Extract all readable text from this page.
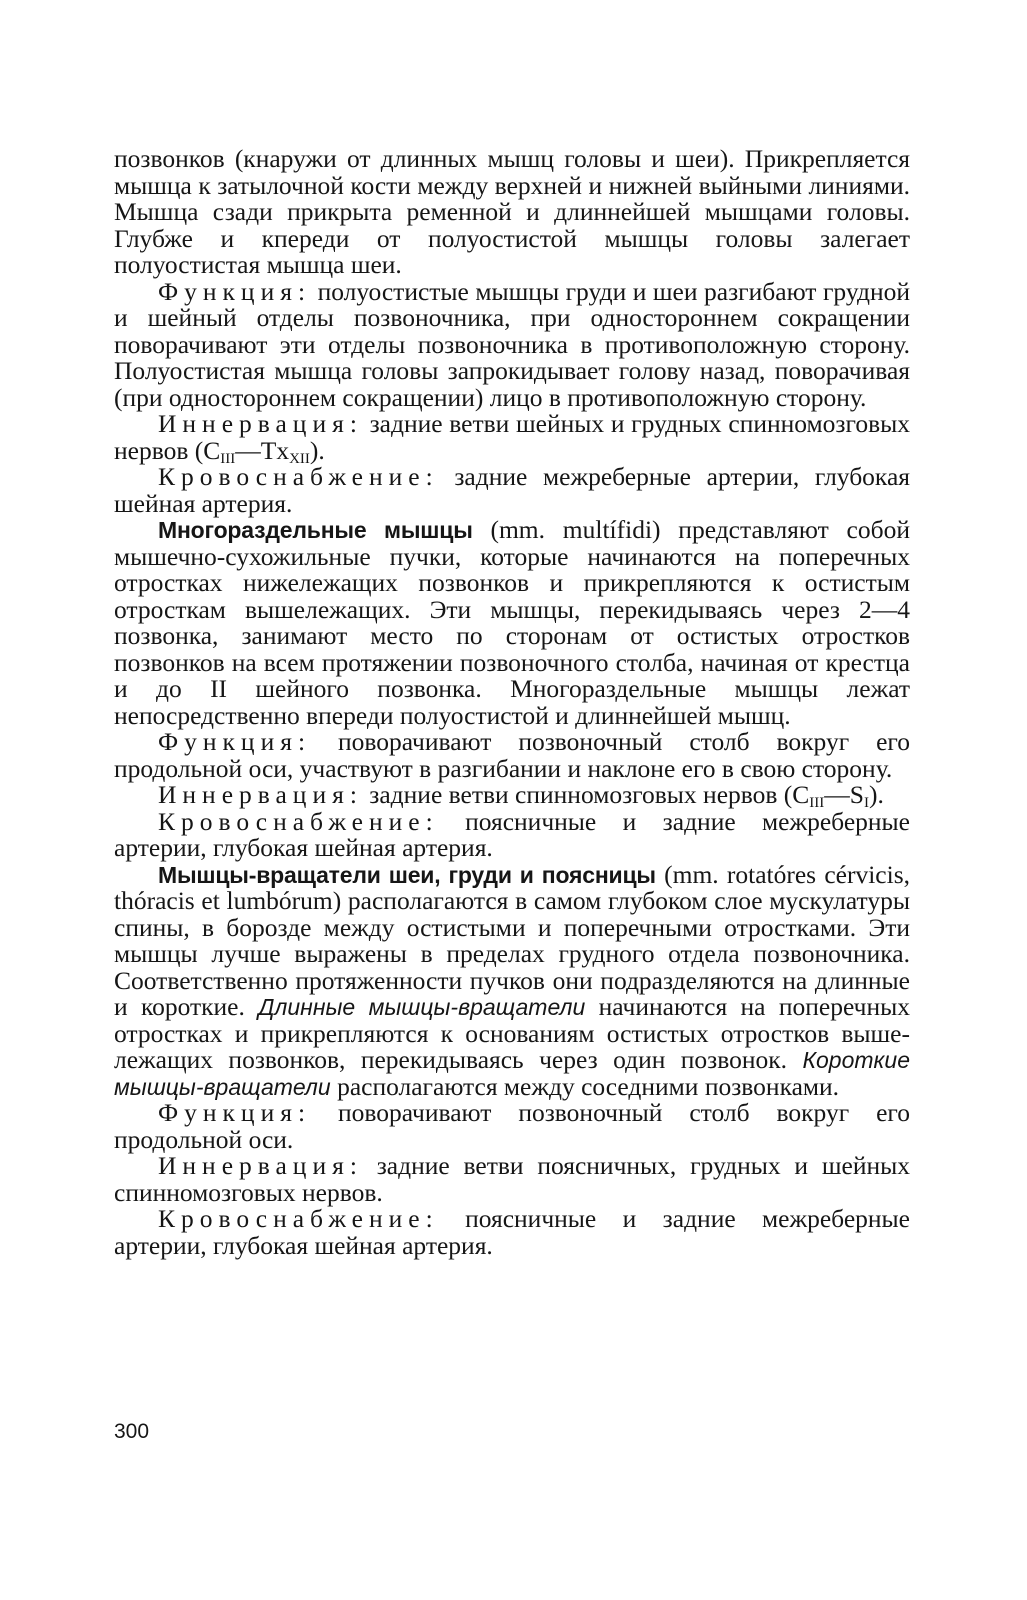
позвонков (кнаружи от длинных мышц головы и шеи). Прикрепляется мышца к затылочной кости между верхней и нижней выйными линиями. Мышца сзади прикрыта ременной и длиннейшей мышцами головы. Глубже и кпереди от полуостистой мышцы головы залегает полуостистая мышца шеи.

Функция: полуостистые мышцы груди и шеи разгибают грудной и шейный отделы позвоночника, при одностороннем сокращении поворачивают эти отделы позвоночника в противоположную сторону. Полуостистая мышца головы запрокидывает голову назад, поворачивая (при одностороннем сокращении) лицо в противоположную сторону.

Иннервация: задние ветви шейных и грудных спинномозговых нервов $(C_{III}—Tx_{XII})$.

Кровоснабжение: задние межреберные артерии, глубокая шейная артерия.

Многораздельные мышцы (mm. multífidi) представляют собой мышечно-сухожильные пучки, которые начинаются на поперечных отростках нижележащих позвонков и прикрепляются к остистым отросткам вышележащих. Эти мышцы, перекидываясь через 2—4 позвонка, занимают место по сторонам от остистых отростков позвонков на всем протяжении позвоночного столба, начиная от крестца и до II шейного позвонка. Многораздельные мышцы лежат непосредственно впереди полуостистой и длиннейшей мышц.

Функция: поворачивают позвоночный столб вокруг его продольной оси, участвуют в разгибании и наклоне его в свою сторону.

Иннервация: задние ветви спинномозговых нервов $(C_{III}—S_I)$.

Кровоснабжение: поясничные и задние межреберные артерии, глубокая шейная артерия.

Мышцы-вращатели шеи, груди и поясницы (mm. rotatóres cérvicis, thóracis et lumbórum) располагаются в самом глубоком слое мускулатуры спины, в борозде между остистыми и поперечными отростками. Эти мышцы лучше выражены в пределах грудного отдела позвоночника. Соответственно протяженности пучков они подразделяются на длинные и короткие. Длинные мышцы-вращатели начинаются на поперечных отростках и прикрепляются к основаниям остистых отростков вышележащих позвонков, перекидываясь через один позвонок. Короткие мышцы-вращатели располагаются между соседними позвонками.

Функция: поворачивают позвоночный столб вокруг его продольной оси.

Иннервация: задние ветви поясничных, грудных и шейных спинномозговых нервов.

Кровоснабжение: поясничные и задние межреберные артерии, глубокая шейная артерия.

300
